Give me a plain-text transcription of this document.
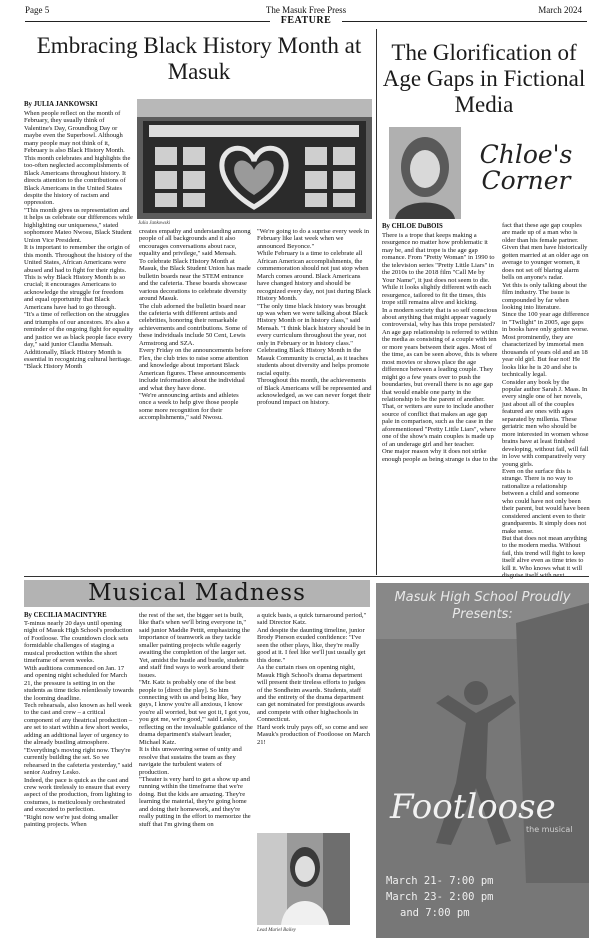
Page 5	The Masuk Free Press	March 2024
FEATURE
Embracing Black History Month at Masuk
By JULIA JANKOWSKI
When people reflect on the month of February, they usually think of Valentine's Day, Groundhog Day or maybe even the Superbowl. Although many people may not think of it, February is also Black History Month.
This month celebrates and highlights the too-often neglected accomplishments of Black Americans throughout history. It directs attention to the contributions of Black Americans in the United States despite the history of racism and oppression.
"This month gives us representation and it helps us celebrate our differences while highlighting our uniqueness," stated sophomore Mateo Nwosu, Black Student Union Vice President.
It is important to remember the origin of this month. Throughout the history of the United States, African Americans were abused and had to fight for their rights.
This is why Black History Month is so crucial; it encourages Americans to acknowledge the struggle for freedom and equal opportunity that Black Americans have had to go through.
"It's a time of reflection on the struggles and triumphs of our ancestors. It's also a reminder of the ongoing fight for equality and justice we as black people face every day," said junior Claudia Mensah.
Additionally, Black History Month is essential in recognizing cultural heritage.
"Black History Month
Julia Jankowski
creates empathy and understanding among people of all backgrounds and it also encourages conversations about race, equality and privilege," said Mensah.
To celebrate Black History Month at Masuk, the Black Student Union has made bulletin boards near the STEM entrance and the cafeteria. These boards showcase various decorations to celebrate diversity around Masuk.
The club adorned the bulletin board near the cafeteria with different artists and celebrities, honoring their remarkable achievements and contributions. Some of these individuals include 50 Cent, Lewis Armstrong and SZA.
Every Friday on the announcements before Flex, the club tries to raise some attention and knowledge about important Black American figures. These announcements include information about the individual and what they have done.
"We're announcing artists and athletes once a week to help give those people some more recognition for their accomplishments," said Nwosu.
"We're going to do a suprise every week in February like last week when we announced Beyonce."
While February is a time to celebrate all African American accomplishments, the commemoration should not just stop when March comes around. Black Americans have changed history and should be recognized every day, not just during Black History Month.
"The only time black history was brought up was when we were talking about Black History Month or in history class," said Mensah. "I think black history should be in every curriculum throughout the year, not only in February or in history class."
Celebrating Black History Month in the Masuk Community is crucial, as it teaches students about diversity and helps promote racial equity.
Throughout this month, the achievements of Black Americans will be represented and acknowledged, as we can never forget their profound impact on history.
The Glorification of Age Gaps in Fictional Media
Chloe's Corner
By CHLOE DuBOIS
There is a trope that keeps making a resurgence no matter how problematic it may be, and that trope is the age gap romance. From "Pretty Woman" in 1990 to the television series "Pretty Little Liars" in the 2010s to the 2018 film "Call Me by Your Name", it just does not seem to die. While it looks slightly different with each resurgence, tailored to fit the times, this trope still remains alive and kicking.
In a modern society that is so self conscious about anything that might appear vaguely controversial, why has this trope persisted?
An age gap relationship is referred to within the media as consisting of a couple with ten or more years between their ages. Most of the time, as can be seen above, this is where most movies or shows place the age difference between a leading couple. They might go a few years over to push the boundaries, but overall there is no age gap that would enable one party in the relationship to be the parent of another.
That, or writers are sure to include another source of conflict that makes an age gap pale in comparison, such as the case in the aforementioned "Pretty Little Liars", where one of the show's main couples is made up of an underage girl and her teacher.
One major reason why it does not strike enough people as being strange is due to the
fact that these age gap couples are made up of a man who is older than his female partner. Given that men have historically gotten married at an older age on average to younger women, it does not set off blaring alarm bells on anyone's radar.
Yet this is only talking about the film industry. The issue is compounded by far when looking into literature.
Since the 100 year age difference in "Twilight" in 2005, age gaps in books have only gotten worse. Most prominently, they are characterized by immortal men thousands of years old and an 18 year old girl. But fear not! He looks like he is 20 and she is technically legal.
Consider any book by the popular author Sarah J. Maas. In every single one of her novels, just about all of the couples featured are ones with ages separated by millenia. These geriatric men who should be more interested in women whose brains have at least finished developing, without fail, will fall in love with comparatively very young girls.
Even on the surface this is strange. There is no way to rationalize a relationship between a child and someone who could have not only been their parent, but would have been considered ancient even to their grandparents. It simply does not make sense.
But that does not mean anything to the modern media. Without fail, this trend will fight to keep itself alive even as time tries to kill it. Who knows what it will
Musical Madness
By CECILIA MACINTYRE
T-minus nearly 20 days until opening night of Masuk High School's production of Footloose. The countdown clock sets formidable challenges of staging a musical production within the short timeframe of seven weeks.
With auditions commenced on Jan. 17 and opening night scheduled for March 21, the pressure is setting in on the students as time ticks relentlessly towards the looming deadline.
Tech rehearsals, also known as hell week to the cast and crew – a critical component of any theatrical production – are set to start within a few short weeks, adding an additional layer of urgency to the already bustling atmosphere.
"Everything's moving right now. They're currently building the set. So we rehearsed in the cafeteria yesterday," said senior Audrey Lesko.
Indeed, the pace is quick as the cast and crew work tirelessly to ensure that every aspect of the production, from lighting to costumes, is meticulously orchestrated and executed to perfection.
"Right now we're just doing smaller painting projects. When
the rest of the set, the bigger set is built, like that's when we'll bring everyone in," said junior Maddie Pettit, emphasizing the importance of teamwork as they tackle smaller painting projects while eagerly awaiting the completion of the larger set.
Yet, amidst the hustle and bustle, students and staff find ways to work around their issues.
"Mr. Katz is probably one of the best people to [direct the play]. So him connecting with us and being like, 'hey guys, I know you're all anxious, I know you're all worried, but we got it, I got you, you got me, we're good,'" said Lesko, reflecting on the invaluable guidance of the drama department's stalwart leader, Michael Katz.
It is this unwavering sense of unity and resolve that sustains the team as they navigate the turbulent waters of production.
"Theater is very hard to get a show up and running within the timeframe that we're doing. But the kids are amazing. They're learning the material, they're going home and doing their homework, and they're really putting in the effort to memorize the stuff that I'm giving them on
a quick basis, a quick turnaround period," said Director Katz.
And despite the daunting timeline, junior Brody Pierson exuded confidence: "I've seen the other plays, like, they're really good at it. I feel like we'll just usually get this done."
As the curtain rises on opening night, Masuk High School's drama department will present their tireless efforts to judges of the Sondheim awards. Students, staff and the entirety of the drama department can get nominated for prestigious awards and compete with other highschools in Connecticut.
Hard work truly pays off, so come and see Masuk's production of Footloose on March 21!
Lead Muriel Bailey
Masuk High School Proudly Presents:
Footloose
the musical
March 21- 7:00 pm
March 23- 2:00 pm
and 7:00 pm
